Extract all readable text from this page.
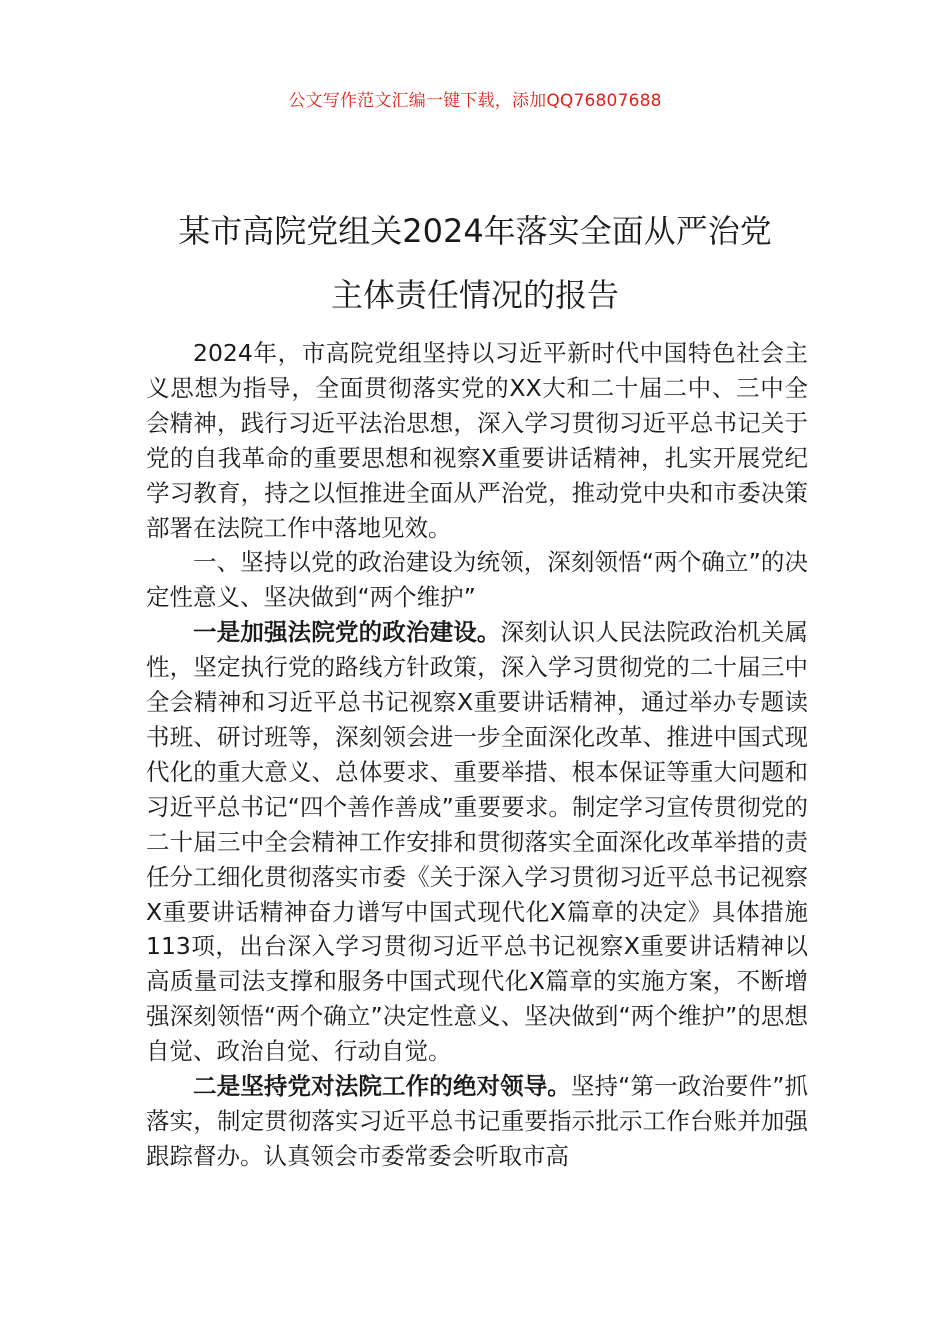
公文写作范文汇编一键下载，添加QQ76807688
某市高院党组关2024年落实全面从严治党
主体责任情况的报告

2024年，市高院党组坚持以习近平新时代中国特色社会主义思想为指导，全面贯彻落实党的XX大和二十届二中、三中全会精神，践行习近平法治思想，深入学习贯彻习近平总书记关于党的自我革命的重要思想和视察X重要讲话精神，扎实开展党纪学习教育，持之以恒推进全面从严治党，推动党中央和市委决策部署在法院工作中落地见效。

一、坚持以党的政治建设为统领，深刻领悟“两个确立”的决定性意义、坚决做到“两个维护”

一是加强法院党的政治建设。深刻认识人民法院政治机关属性，坚定执行党的路线方针政策，深入学习贯彻党的二十届三中全会精神和习近平总书记视察X重要讲话精神，通过举办专题读书班、研讨班等，深刻领会进一步全面深化改革、推进中国式现代化的重大意义、总体要求、重要举措、根本保证等重大问题和习近平总书记“四个善作善成”重要要求。制定学习宣传贯彻党的二十届三中全会精神工作安排和贯彻落实全面深化改革举措的责任分工细化贯彻落实市委《关于深入学习贯彻习近平总书记视察X重要讲话精神奋力谱写中国式现代化X篇章的决定》具体措施113项，出台深入学习贯彻习近平总书记视察X重要讲话精神以高质量司法支撑和服务中国式现代化X篇章的实施方案，不断增强深刻领悟“两个确立”决定性意义、坚决做到“两个维护”的思想自觉、政治自觉、行动自觉。

二是坚持党对法院工作的绝对领导。坚持“第一政治要件”抓落实，制定贯彻落实习近平总书记重要指示批示工作台账并加强跟踪督办。认真领会市委常委会听取市高
